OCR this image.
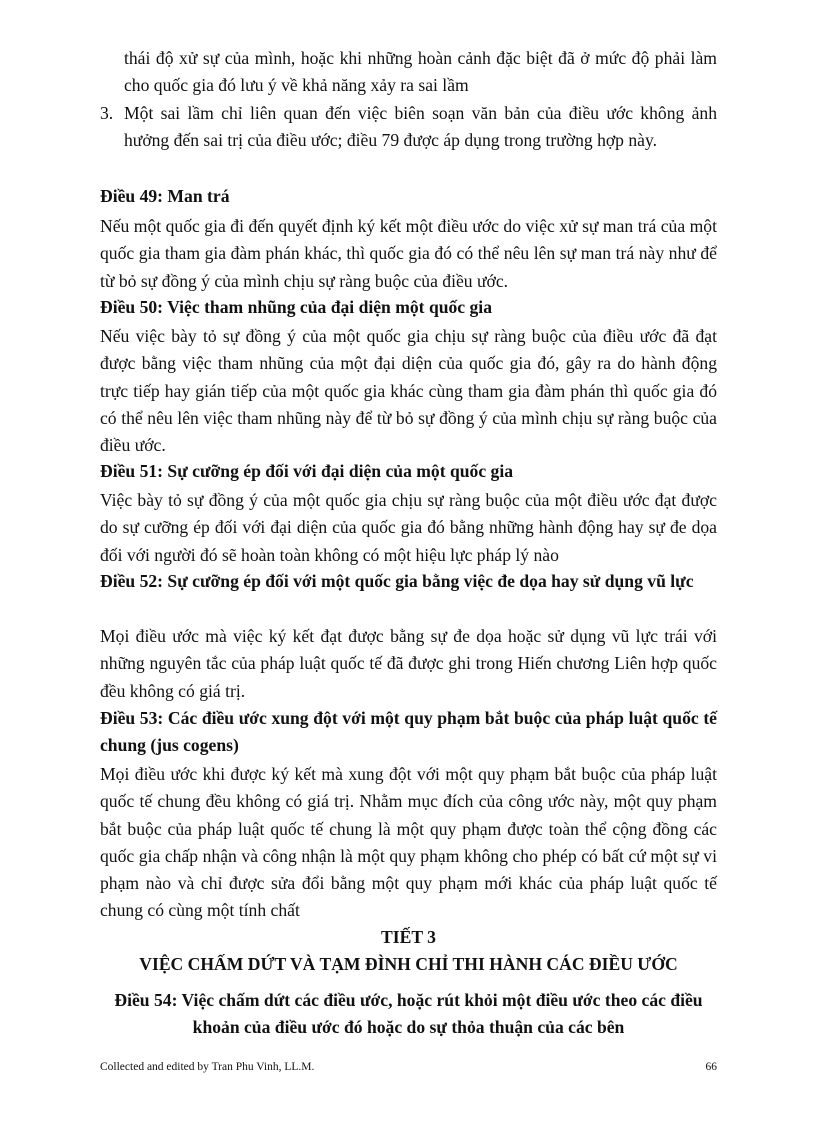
thái độ xử sự của mình, hoặc khi những hoàn cảnh đặc biệt đã ở mức độ phải làm cho quốc gia đó lưu ý về khả năng xảy ra sai lầm
3. Một sai lầm chỉ liên quan đến việc biên soạn văn bản của điều ước không ảnh hưởng đến sai trị của điều ước; điều 79 được áp dụng trong trường hợp này.
Điều 49: Man trá
Nếu một quốc gia đi đến quyết định ký kết một điều ước do việc xử sự man trá của một quốc gia tham gia đàm phán khác, thì quốc gia đó có thể nêu lên sự man trá này như để từ bỏ sự đồng ý của mình chịu sự ràng buộc của điều ước.
Điều 50: Việc tham nhũng của đại diện một quốc gia
Nếu việc bày tỏ sự đồng ý của một quốc gia chịu sự ràng buộc của điều ước đã đạt được bằng việc tham nhũng của một đại diện của quốc gia đó, gây ra do hành động trực tiếp hay gián tiếp của một quốc gia khác cùng tham gia đàm phán thì quốc gia đó có thể nêu lên việc tham nhũng này để từ bỏ sự đồng ý của mình chịu sự ràng buộc của điều ước.
Điều 51: Sự cưỡng ép đối với đại diện của một quốc gia
Việc bày tỏ sự đồng ý của một quốc gia chịu sự ràng buộc của một điều ước đạt được do sự cưỡng ép đối với đại diện của quốc gia đó bằng những hành động hay sự đe dọa đối với người đó sẽ hoàn toàn không có một hiệu lực pháp lý nào
Điều 52: Sự cưỡng ép đối với một quốc gia bằng việc đe dọa hay sử dụng vũ lực
Mọi điều ước mà việc ký kết đạt được bằng sự đe dọa hoặc sử dụng vũ lực trái với những nguyên tắc của pháp luật quốc tế đã được ghi trong Hiến chương Liên hợp quốc đều không có giá trị.
Điều 53: Các điều ước xung đột với một quy phạm bắt buộc của pháp luật quốc tế chung (jus cogens)
Mọi điều ước khi được ký kết mà xung đột với một quy phạm bắt buộc của pháp luật quốc tế chung đều không có giá trị. Nhằm mục đích của công ước này, một quy phạm bắt buộc của pháp luật quốc tế chung là một quy phạm được toàn thể cộng đồng các quốc gia chấp nhận và công nhận là một quy phạm không cho phép có bất cứ một sự vi phạm nào và chỉ được sửa đổi bằng một quy phạm mới khác của pháp luật quốc tế chung có cùng một tính chất
TIẾT 3
VIỆC CHẤM DỨT VÀ TẠM ĐÌNH CHỈ THI HÀNH CÁC ĐIỀU ƯỚC
Điều 54: Việc chấm dứt các điều ước, hoặc rút khỏi một điều ước theo các điều khoản của điều ước đó hoặc do sự thỏa thuận của các bên
Collected and edited by Tran Phu Vinh, LL.M.	66
